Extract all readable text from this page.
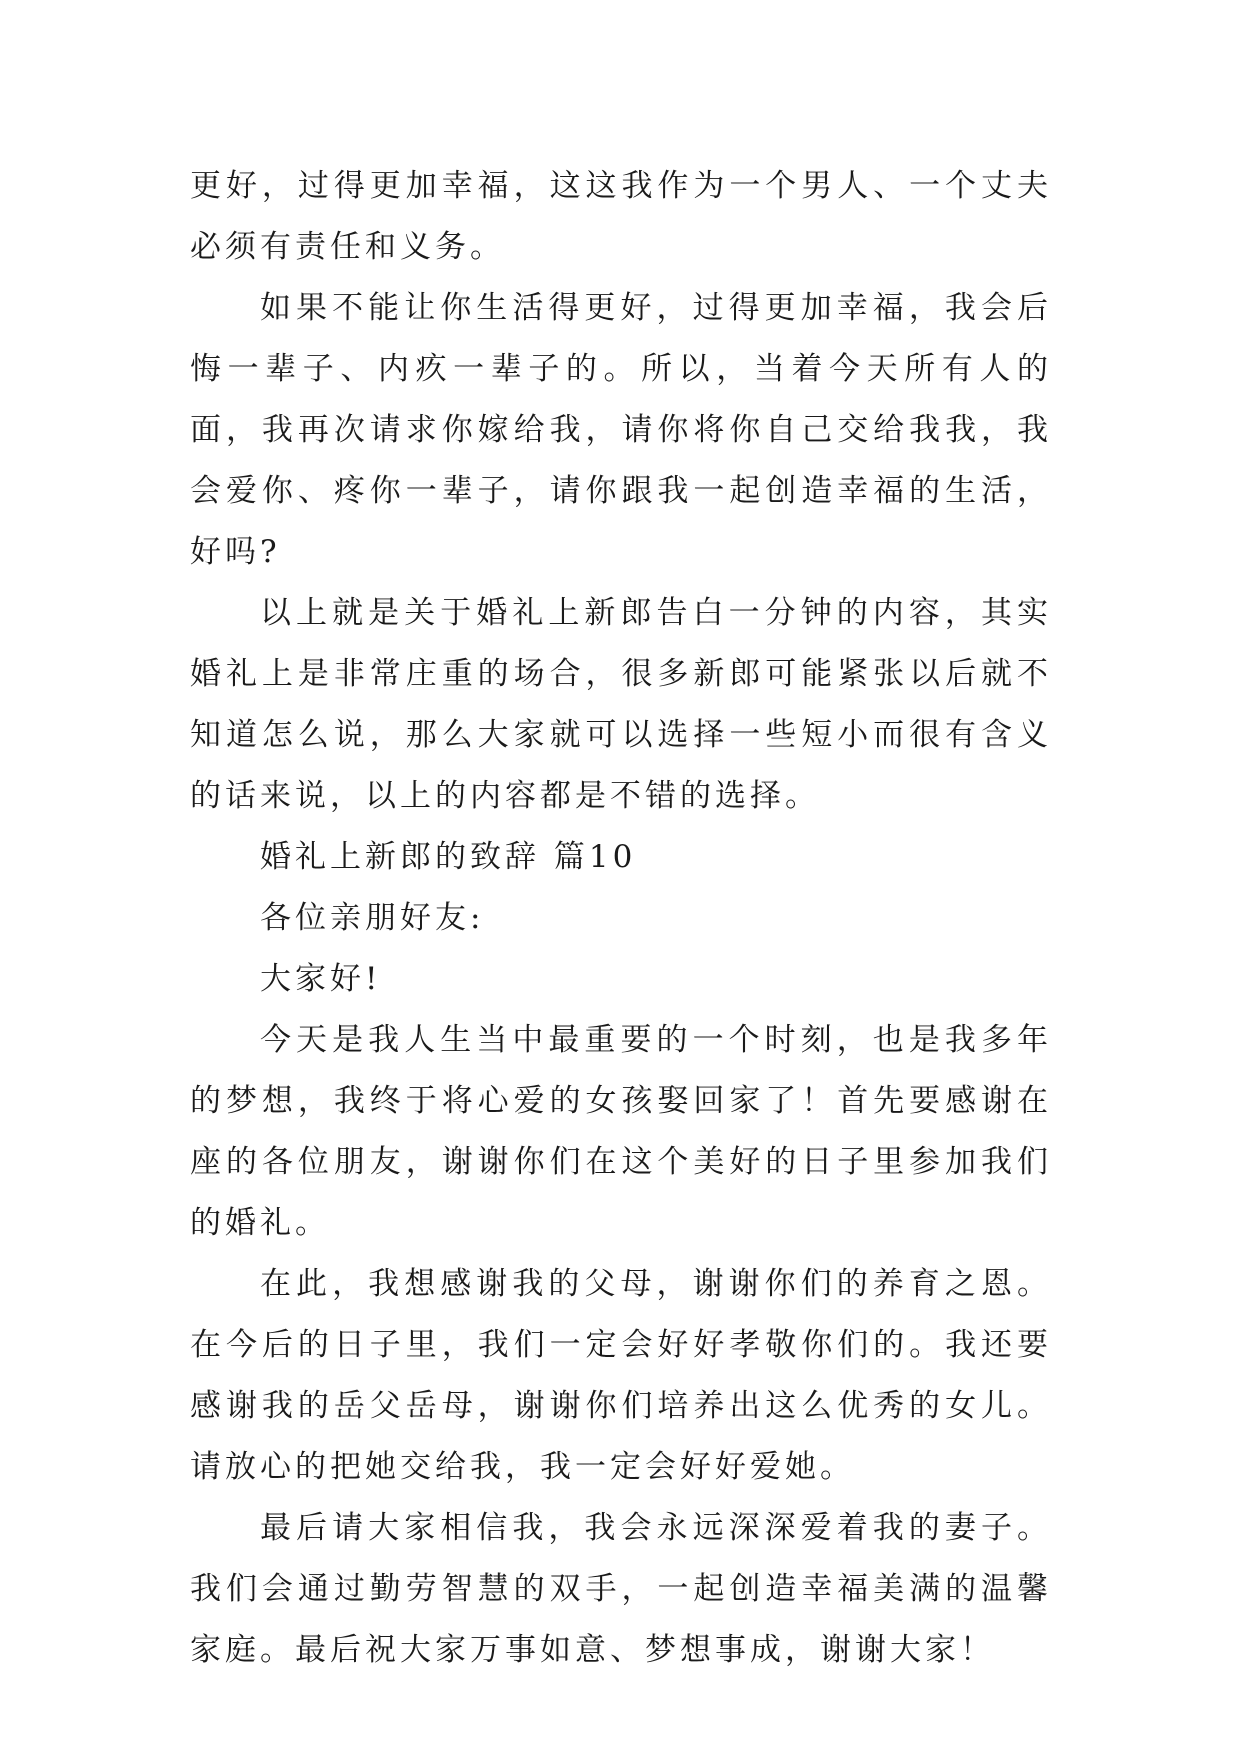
更好，过得更加幸福，这这我作为一个男人、一个丈夫必须有责任和义务。

如果不能让你生活得更好，过得更加幸福，我会后悔一辈子、内疚一辈子的。所以，当着今天所有人的面，我再次请求你嫁给我，请你将你自己交给我我，我会爱你、疼你一辈子，请你跟我一起创造幸福的生活，好吗?

以上就是关于婚礼上新郎告白一分钟的内容，其实婚礼上是非常庄重的场合，很多新郎可能紧张以后就不知道怎么说，那么大家就可以选择一些短小而很有含义的话来说，以上的内容都是不错的选择。

婚礼上新郎的致辞 篇10

各位亲朋好友:

大家好!

今天是我人生当中最重要的一个时刻，也是我多年的梦想，我终于将心爱的女孩娶回家了！首先要感谢在座的各位朋友，谢谢你们在这个美好的日子里参加我们的婚礼。

在此，我想感谢我的父母，谢谢你们的养育之恩。在今后的日子里，我们一定会好好孝敬你们的。我还要感谢我的岳父岳母，谢谢你们培养出这么优秀的女儿。请放心的把她交给我，我一定会好好爱她。

最后请大家相信我，我会永远深深爱着我的妻子。我们会通过勤劳智慧的双手，一起创造幸福美满的温馨家庭。最后祝大家万事如意、梦想事成，谢谢大家！
